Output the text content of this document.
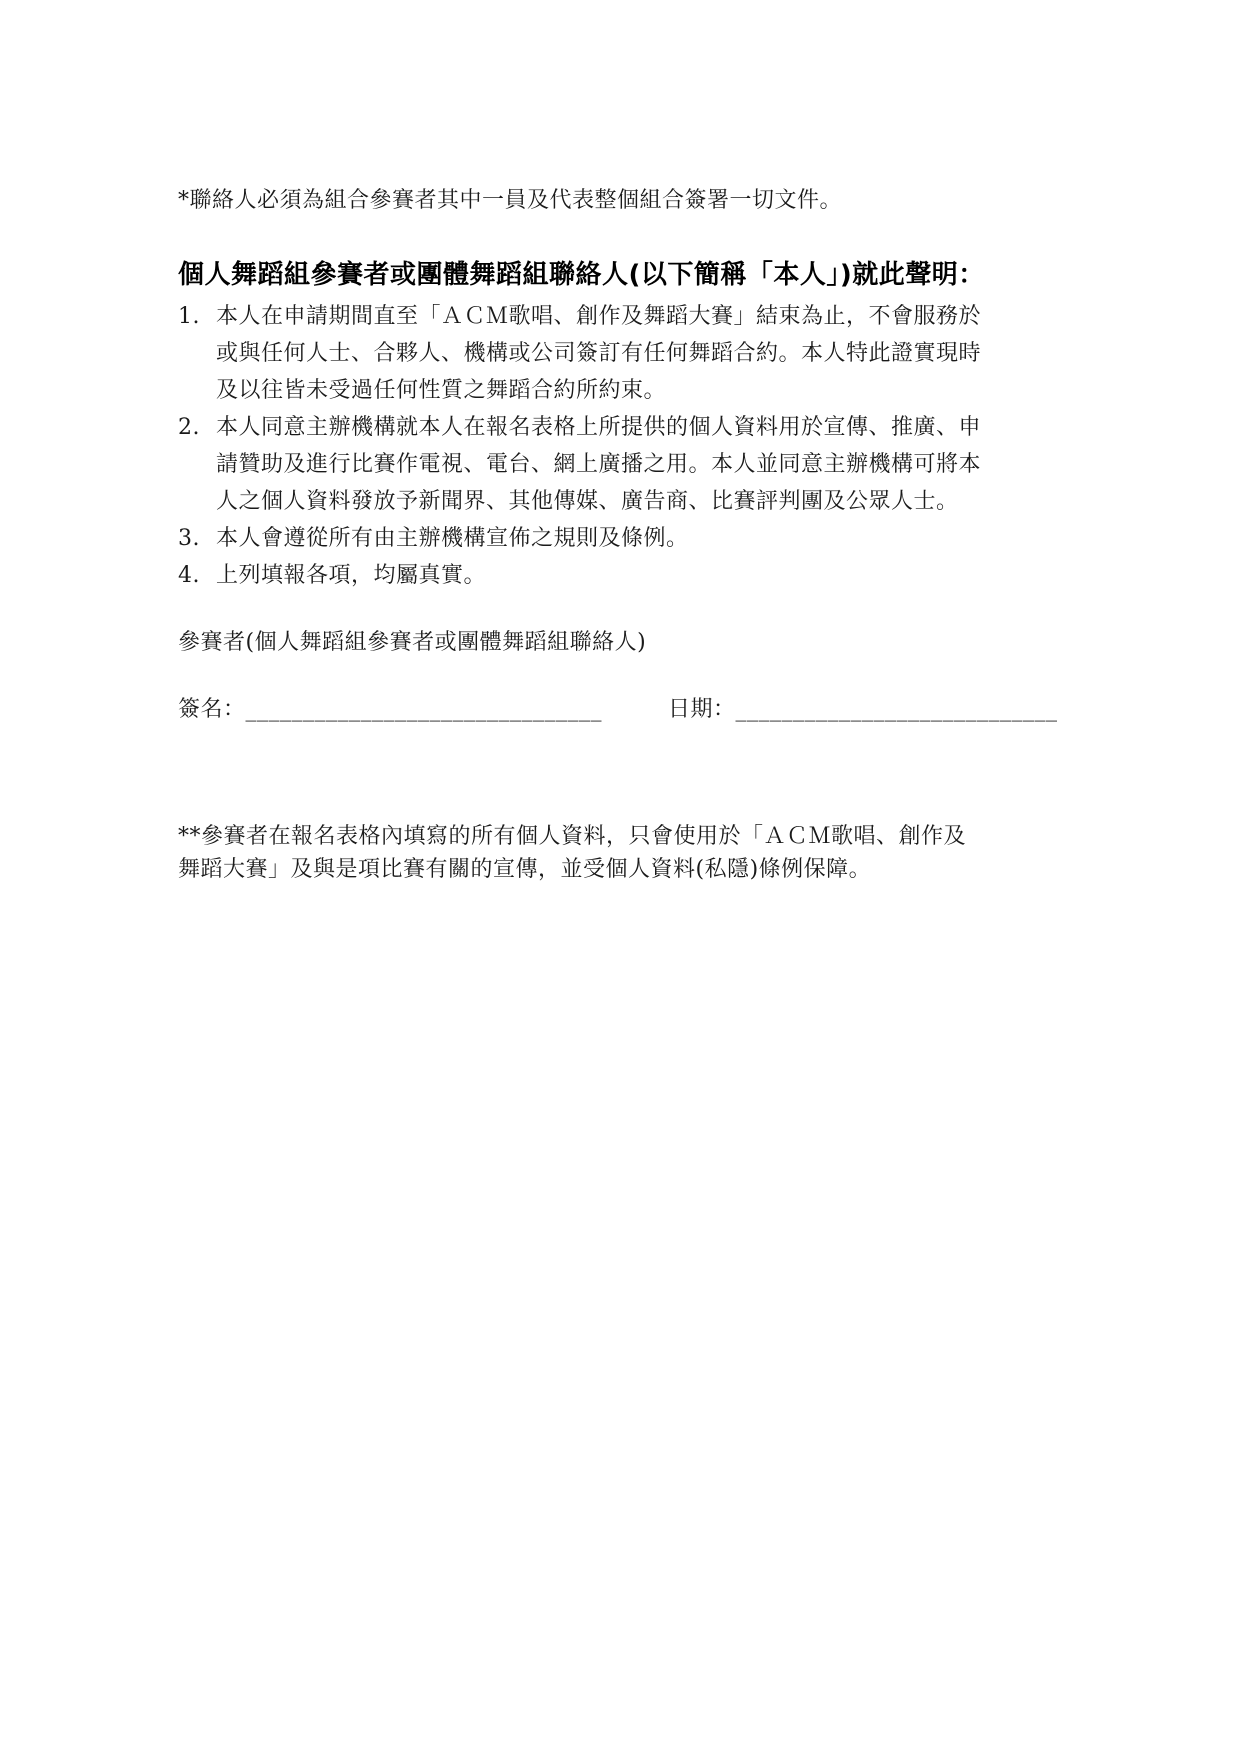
*聯絡人必須為組合參賽者其中一員及代表整個組合簽署一切文件。
個人舞蹈組參賽者或團體舞蹈組聯絡人(以下簡稱「本人」)就此聲明：
1. 本人在申請期間直至「ＡＣＭ歌唱、創作及舞蹈大賽」結束為止，不會服務於
或與任何人士、合夥人、機構或公司簽訂有任何舞蹈合約。本人特此證實現時
及以往皆未受過任何性質之舞蹈合約所約束。
2. 本人同意主辦機構就本人在報名表格上所提供的個人資料用於宣傳、推廣、申
請贊助及進行比賽作電視、電台、網上廣播之用。本人並同意主辦機構可將本
人之個人資料發放予新聞界、其他傳媒、廣告商、比賽評判團及公眾人士。
3. 本人會遵從所有由主辦機構宣佈之規則及條例。
4. 上列填報各項，均屬真實。
參賽者(個人舞蹈組參賽者或團體舞蹈組聯絡人)
簽名：_______________________________	日期：____________________________
**參賽者在報名表格內填寫的所有個人資料，只會使用於「ＡＣＭ歌唱、創作及
舞蹈大賽」及與是項比賽有關的宣傳，並受個人資料(私隱)條例保障。
